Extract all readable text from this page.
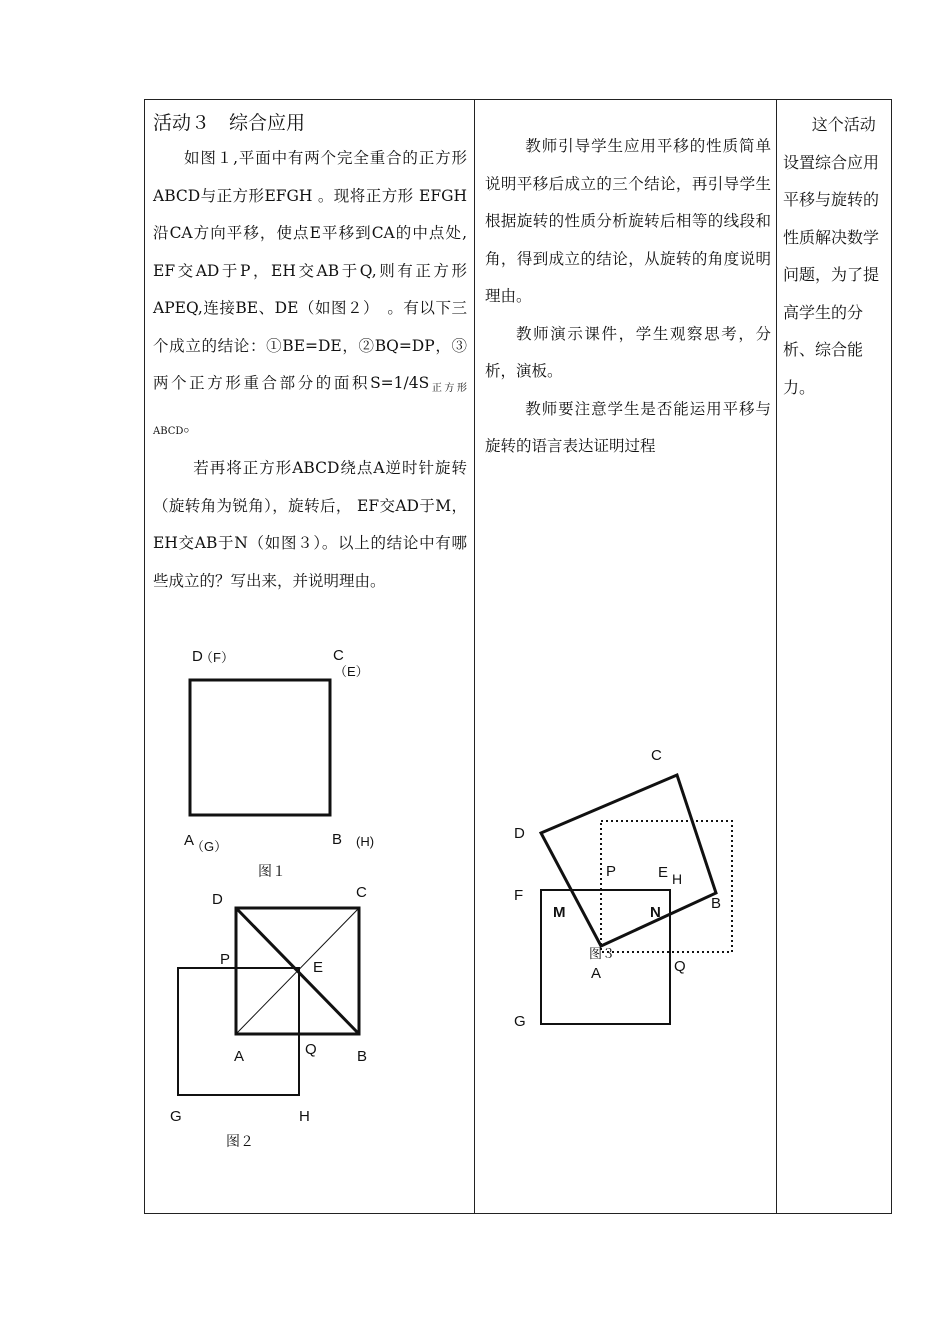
活动３　综合应用

如图１,平面中有两个完全重合的正方形ABCD与正方形EFGH 。现将正方形 EFGH 沿CA方向平移，使点E平移到CA的中点处, EF交AD于P，EH交AB于Q,则有正方形APEQ,连接BE、DE（如图２）　。有以下三个成立的结论：①BE=DE，②BQ=DP，③两个正方形重合部分的面积$S=1/4S_{正方形ABCD}$。

若再将正方形ABCD绕点A逆时针旋转（旋转角为锐角），旋转后， EF交AD于M，EH交AB于N（如图３）。以上的结论中有哪些成立的？写出来，并说明理由。

教师引导学生应用平移的性质简单说明平移后成立的三个结论，再引导学生根据旋转的性质分析旋转后相等的线段和角，得到成立的结论，从旋转的角度说明理由。

教师演示课件，学生观察思考，分析，演板。

教师要注意学生是否能运用平移与旋转的语言表达证明过程

这个活动设置综合应用平移与旋转的性质解决数学问题，为了提高学生的分析、综合能力。

D
（F）	C
（E）
A
（G）	B (H)
图１
D	C
P	E
A	Q	B
G	H
图２
C
D
P	E H
F
M	N
B
图３
A	Q
G
